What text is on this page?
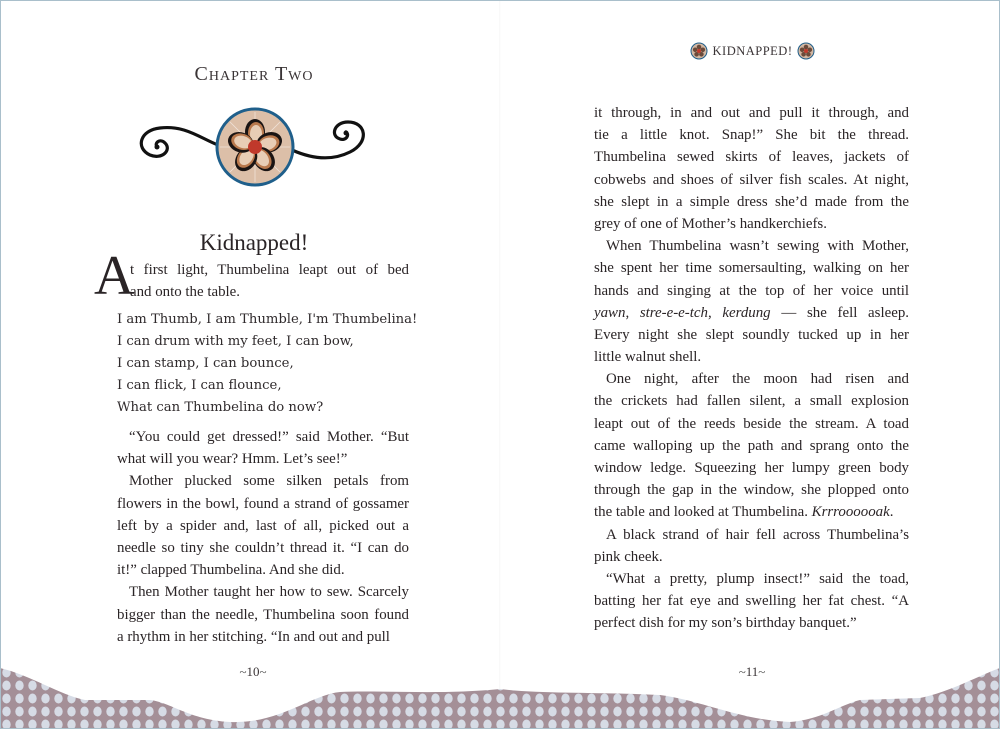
Chapter Two
Kidnapped!
A
t first light, Thumbelina leapt out of bed
and onto the table.
I am Thumb, I am Thumble, I'm Thumbelina!
I can drum with my feet, I can bow,
I can stamp, I can bounce,
I can flick, I can flounce,
What can Thumbelina do now?
“You could get dressed!” said Mother. “But
what will you wear? Hmm. Let’s see!”
Mother plucked some silken petals from
flowers in the bowl, found a strand of gossamer
left by a spider and, last of all, picked out a
needle so tiny she couldn’t thread it. “I can do
it!” clapped Thumbelina. And she did.
Then Mother taught her how to sew. Scarcely
bigger than the needle, Thumbelina soon found
a rhythm in her stitching. “In and out and pull
~10~
KIDNAPPED!
it through, in and out and pull it through, and
tie a little knot. Snap!” She bit the thread.
Thumbelina sewed skirts of leaves, jackets of
cobwebs and shoes of silver fish scales. At night,
she slept in a simple dress she’d made from the
grey of one of Mother’s handkerchiefs.
When Thumbelina wasn’t sewing with Mother,
she spent her time somersaulting, walking on her
hands and singing at the top of her voice until
yawn, stre-e-e-tch, kerdung — she fell asleep.
Every night she slept soundly tucked up in her
little walnut shell.
One night, after the moon had risen and
the crickets had fallen silent, a small explosion
leapt out of the reeds beside the stream. A toad
came walloping up the path and sprang onto the
window ledge. Squeezing her lumpy green body
through the gap in the window, she plopped onto
the table and looked at Thumbelina. Krrroooooak.
A black strand of hair fell across Thumbelina’s
pink cheek.
“What a pretty, plump insect!” said the toad,
batting her fat eye and swelling her fat chest. “A
perfect dish for my son’s birthday banquet.”
~11~
